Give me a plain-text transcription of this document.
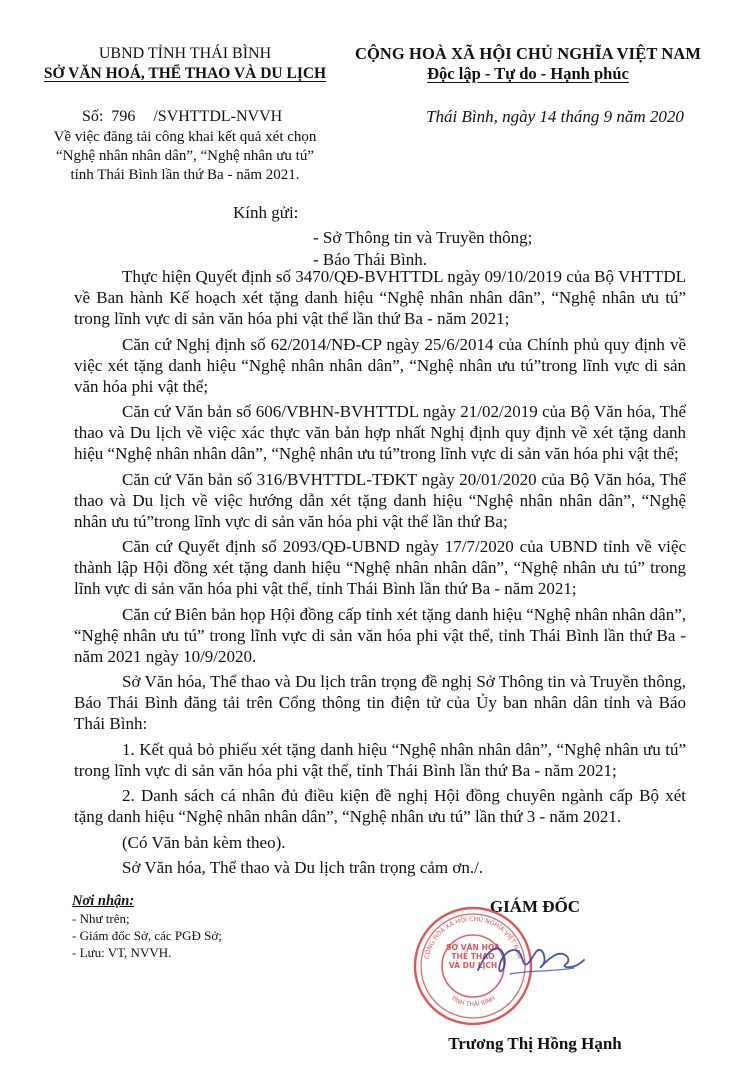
UBND TỈNH THÁI BÌNH
SỞ VĂN HOÁ, THỂ THAO VÀ DU LỊCH
CỘNG HOÀ XÃ HỘI CHỦ NGHĨA VIỆT NAM
Độc lập - Tự do - Hạnh phúc
Số: 796 /SVHTTDL-NVVH
Về việc đăng tải công khai kết quả xét chọn
“Nghệ nhân nhân dân”, “Nghệ nhân ưu tú”
tỉnh Thái Bình lần thứ Ba - năm 2021.
Thái Bình, ngày 14 tháng 9 năm 2020
Kính gửi:
- Sở Thông tin và Truyền thông;
- Báo Thái Bình.

Thực hiện Quyết định số 3470/QĐ-BVHTTDL ngày 09/10/2019 của Bộ VHTTDL về Ban hành Kế hoạch xét tặng danh hiệu “Nghệ nhân nhân dân”, “Nghệ nhân ưu tú” trong lĩnh vực di sản văn hóa phi vật thể lần thứ Ba - năm 2021;

Căn cứ Nghị định số 62/2014/NĐ-CP ngày 25/6/2014 của Chính phủ quy định về việc xét tặng danh hiệu “Nghệ nhân nhân dân”, “Nghệ nhân ưu tú”trong lĩnh vực di sản văn hóa phi vật thể;

Căn cứ Văn bản số 606/VBHN-BVHTTDL ngày 21/02/2019 của Bộ Văn hóa, Thể thao và Du lịch về việc xác thực văn bản hợp nhất Nghị định quy định về xét tặng danh hiệu “Nghệ nhân nhân dân”, “Nghệ nhân ưu tú”trong lĩnh vực di sản văn hóa phi vật thể;

Căn cứ Văn bản số 316/BVHTTDL-TĐKT ngày 20/01/2020 của Bộ Văn hóa, Thể thao và Du lịch về việc hướng dẫn xét tặng danh hiệu “Nghệ nhân nhân dân”, “Nghệ nhân ưu tú”trong lĩnh vực di sản văn hóa phi vật thể lần thứ Ba;

Căn cứ Quyết định số 2093/QĐ-UBND ngày 17/7/2020 của UBND tỉnh về việc thành lập Hội đồng xét tặng danh hiệu “Nghệ nhân nhân dân”, “Nghệ nhân ưu tú” trong lĩnh vực di sản văn hóa phi vật thể, tỉnh Thái Bình lần thứ Ba - năm 2021;

Căn cứ Biên bản họp Hội đồng cấp tỉnh xét tặng danh hiệu “Nghệ nhân nhân dân”, “Nghệ nhân ưu tú” trong lĩnh vực di sản văn hóa phi vật thể, tỉnh Thái Bình lần thứ Ba - năm 2021 ngày 10/9/2020.

Sở Văn hóa, Thể thao và Du lịch trân trọng đề nghị Sở Thông tin và Truyền thông, Báo Thái Bình đăng tải trên Cổng thông tin điện tử của Ủy ban nhân dân tỉnh và Báo Thái Bình:

1. Kết quả bỏ phiếu xét tặng danh hiệu “Nghệ nhân nhân dân”, “Nghệ nhân ưu tú” trong lĩnh vực di sản văn hóa phi vật thể, tỉnh Thái Bình lần thứ Ba - năm 2021;

2. Danh sách cá nhân đủ điều kiện đề nghị Hội đồng chuyên ngành cấp Bộ xét tặng danh hiệu “Nghệ nhân nhân dân”, “Nghệ nhân ưu tú” lần thứ 3 - năm 2021.

(Có Văn bản kèm theo).

Sở Văn hóa, Thể thao và Du lịch trân trọng cảm ơn./.

Nơi nhận:
- Như trên;
- Giám đốc Sở, các PGĐ Sở;
- Lưu: VT, NVVH.
GIÁM ĐỐC
CỘNG HOÀ XÃ HỘI CHỦ NGHĨA VIỆT NAM
TỈNH THÁI BÌNH
SỞ VĂN HOÁ THỂ THAO VÀ DU LỊCH
Trương Thị Hồng Hạnh
